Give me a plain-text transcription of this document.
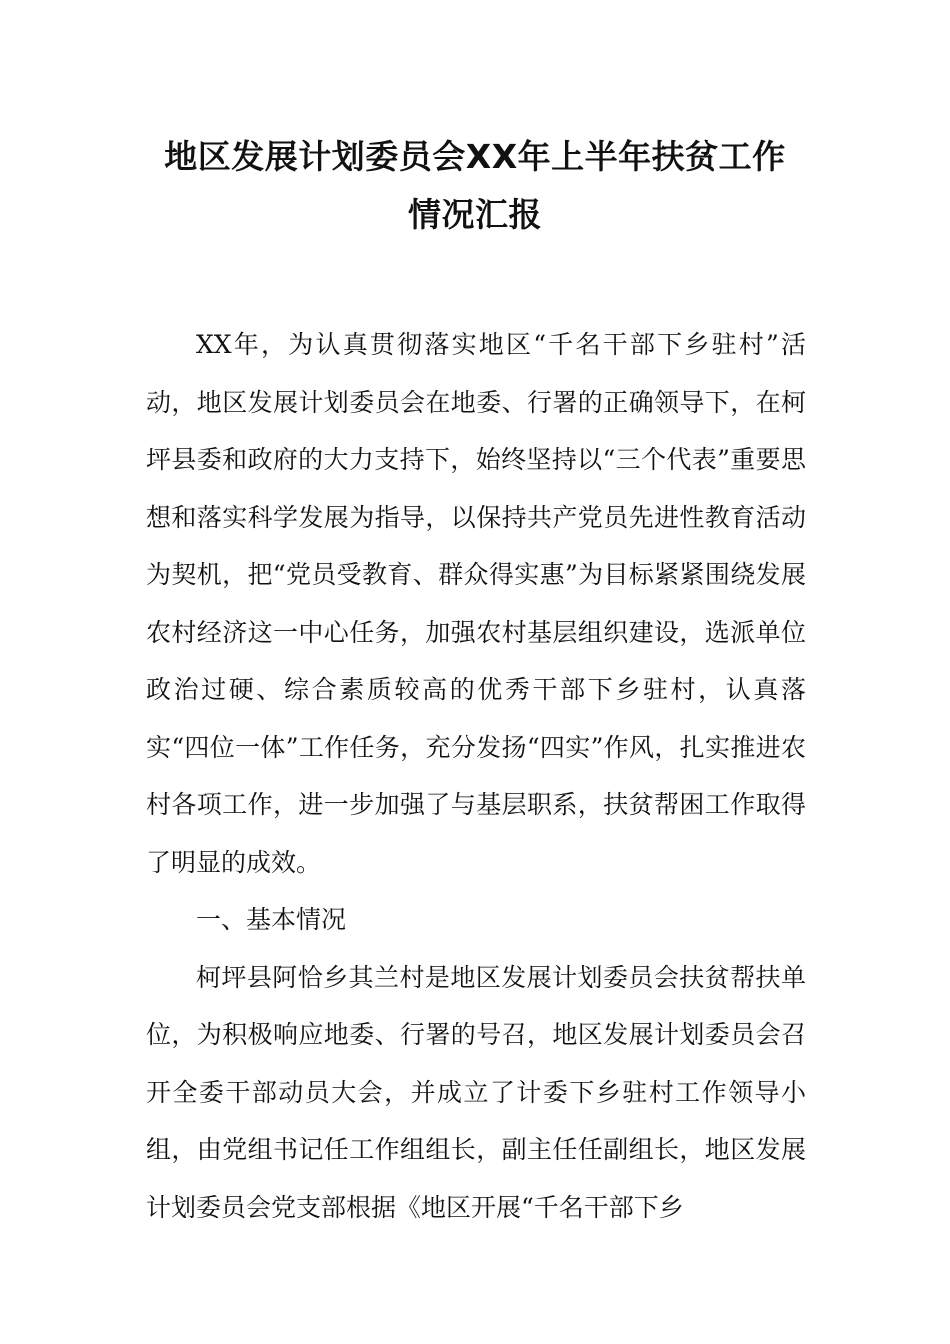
地区发展计划委员会XX年上半年扶贫工作
情况汇报

XX年，为认真贯彻落实地区“千名干部下乡驻村”活动，地区发展计划委员会在地委、行署的正确领导下，在柯坪县委和政府的大力支持下，始终坚持以“三个代表”重要思想和落实科学发展为指导，以保持共产党员先进性教育活动为契机，把“党员受教育、群众得实惠”为目标紧紧围绕发展农村经济这一中心任务，加强农村基层组织建设，选派单位政治过硬、综合素质较高的优秀干部下乡驻村，认真落实“四位一体”工作任务，充分发扬“四实”作风，扎实推进农村各项工作，进一步加强了与基层职系，扶贫帮困工作取得了明显的成效。

一、基本情况

柯坪县阿恰乡其兰村是地区发展计划委员会扶贫帮扶单位，为积极响应地委、行署的号召，地区发展计划委员会召开全委干部动员大会，并成立了计委下乡驻村工作领导小组，由党组书记任工作组组长，副主任任副组长，地区发展计划委员会党支部根据《地区开展“千名干部下乡
